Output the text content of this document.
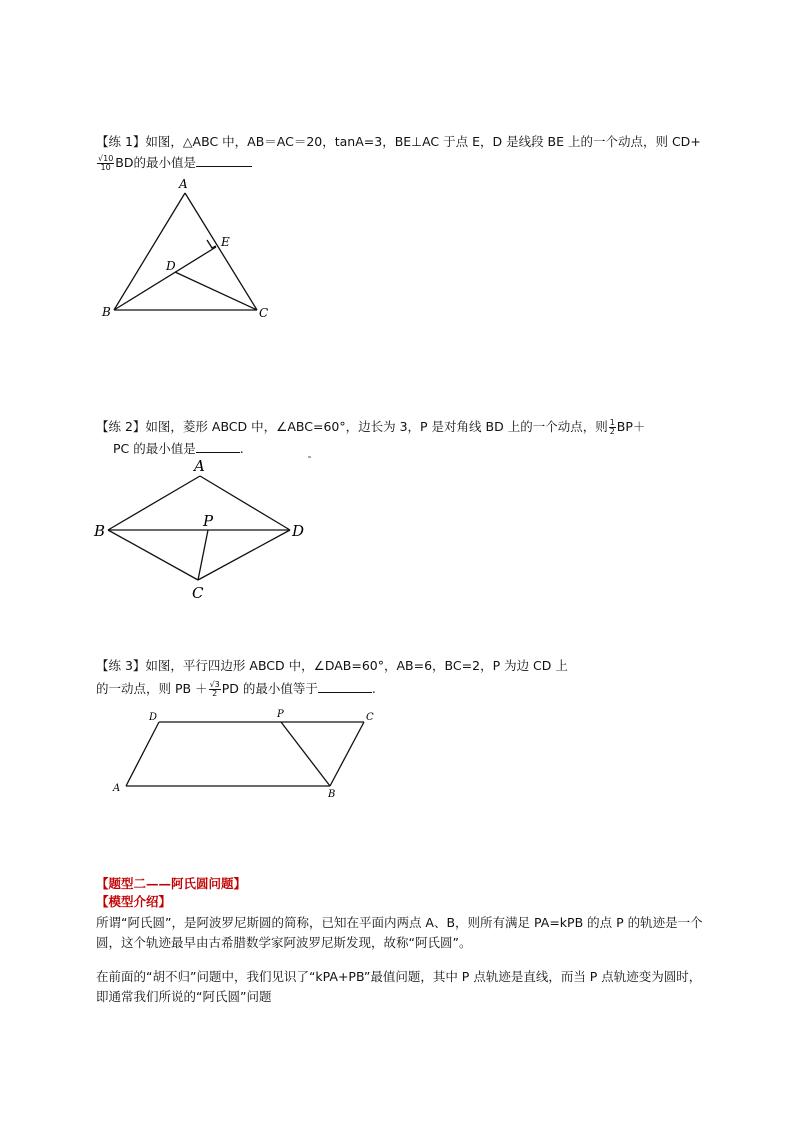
【练 1】如图，△ABC 中，AB＝AC＝20，tanA=3，BE⊥AC 于点 E，D 是线段 BE 上的一个动点，则 CD+
$\frac{√10}{10}$ BD的最小值是
A
B	C
D
E
【练 2】如图，菱形 ABCD 中，∠ABC=60°，边长为 3，P 是对角线 BD 上的一个动点，则 $\frac{1}{2} BP+$
PC 的最小值是	.
A
B
C
D
P
【练 3】如图，平行四边形 ABCD 中，∠DAB=60°，AB=6，BC=2，P 为边 CD 上
的一动点，则 PB ＋ $\frac{√3}{2}$ PD 的最小值等于	.
A
B
C
D	P
【题型二——阿氏圆问题】
【模型介绍】
所谓“阿氏圆”，是阿波罗尼斯圆的简称，已知在平面内两点 A、B，则所有满足 PA=kPB 的点 P 的轨迹是一个圆，这个轨迹最早由古希腊数学家阿波罗尼斯发现，故称“阿氏圆”。
在前面的“胡不归”问题中，我们见识了“kPA+PB”最值问题，其中 P 点轨迹是直线，而当 P 点轨迹变为圆时，即通常我们所说的“阿氏圆”问题
